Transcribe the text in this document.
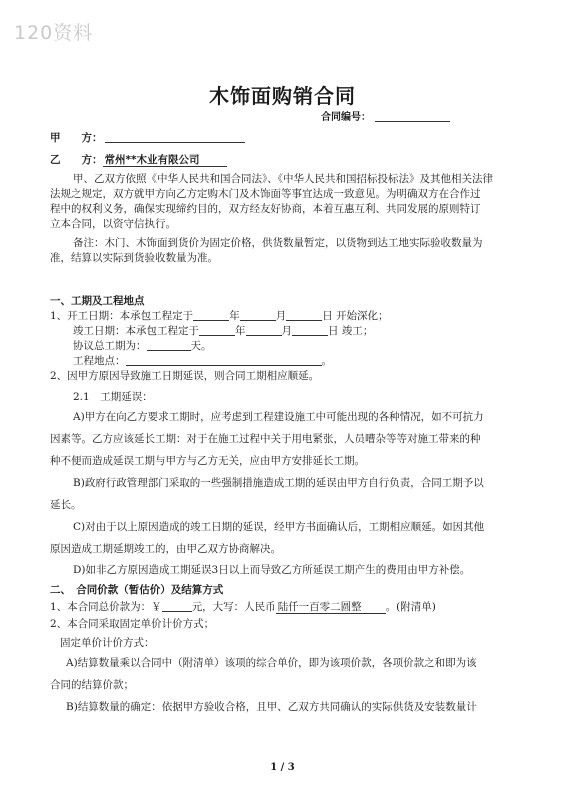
120资料
木饰面购销合同
合同编号：
甲　　方：
乙　　方： 常州**木业有限公司
甲、乙双方依照《中华人民共和国合同法》、《中华人民共和国招标投标法》及其他相关法律
法规之规定，双方就甲方向乙方定购木门及木饰面等事宜达成一致意见。为明确双方在合作过
程中的权利义务，确保实现缔约目的，双方经友好协商，本着互惠互利、共同发展的原则特订
立本合同，以资守信执行。
备注：木门、木饰面到货价为固定价格，供货数量暂定，以货物到达工地实际验收数量为
准，结算以实际到货验收数量为准。
一、工期及工程地点
1、开工日期：本承包工程定于	年	月	日 开始深化；
竣工日期：本承包工程定于	年	月	日 竣工；
协议总工期为：	天。
工程地点：	。
2、因甲方原因导致施工日期延误，则合同工期相应顺延。
2.1　工期延误：
A)甲方在向乙方要求工期时，应考虑到工程建设施工中可能出现的各种情况，如不可抗力
因素等。乙方应该延长工期：对于在施工过程中关于用电紧张，人员嘈杂等等对施工带来的种
种不便而造成延误工期与甲方与乙方无关，应由甲方安排延长工期。
B)政府行政管理部门采取的一些强制措施造成工期的延误由甲方自行负责，合同工期予以
延长。
C)对由于以上原因造成的竣工日期的延误，经甲方书面确认后，工期相应顺延。如因其他
原因造成工期延期竣工的，由甲乙双方协商解决。
D)如非乙方原因造成工期延误3日以上而导致乙方所延误工期产生的费用由甲方补偿。
二、　合同价款（暂估价）及结算方式
1、本合同总价款为：￥	元，大写：人民币 陆仟一百零二圆整 。(附清单)
2、本合同采取固定单价计价方式；
固定单价计价方式：
A)结算数量乘以合同中（附清单）该项的综合单价，即为该项价款，各项价款之和即为该
合同的结算价款；
B)结算数量的确定：依据甲方验收合格，且甲、乙双方共同确认的实际供货及安装数量计
1 / 3
